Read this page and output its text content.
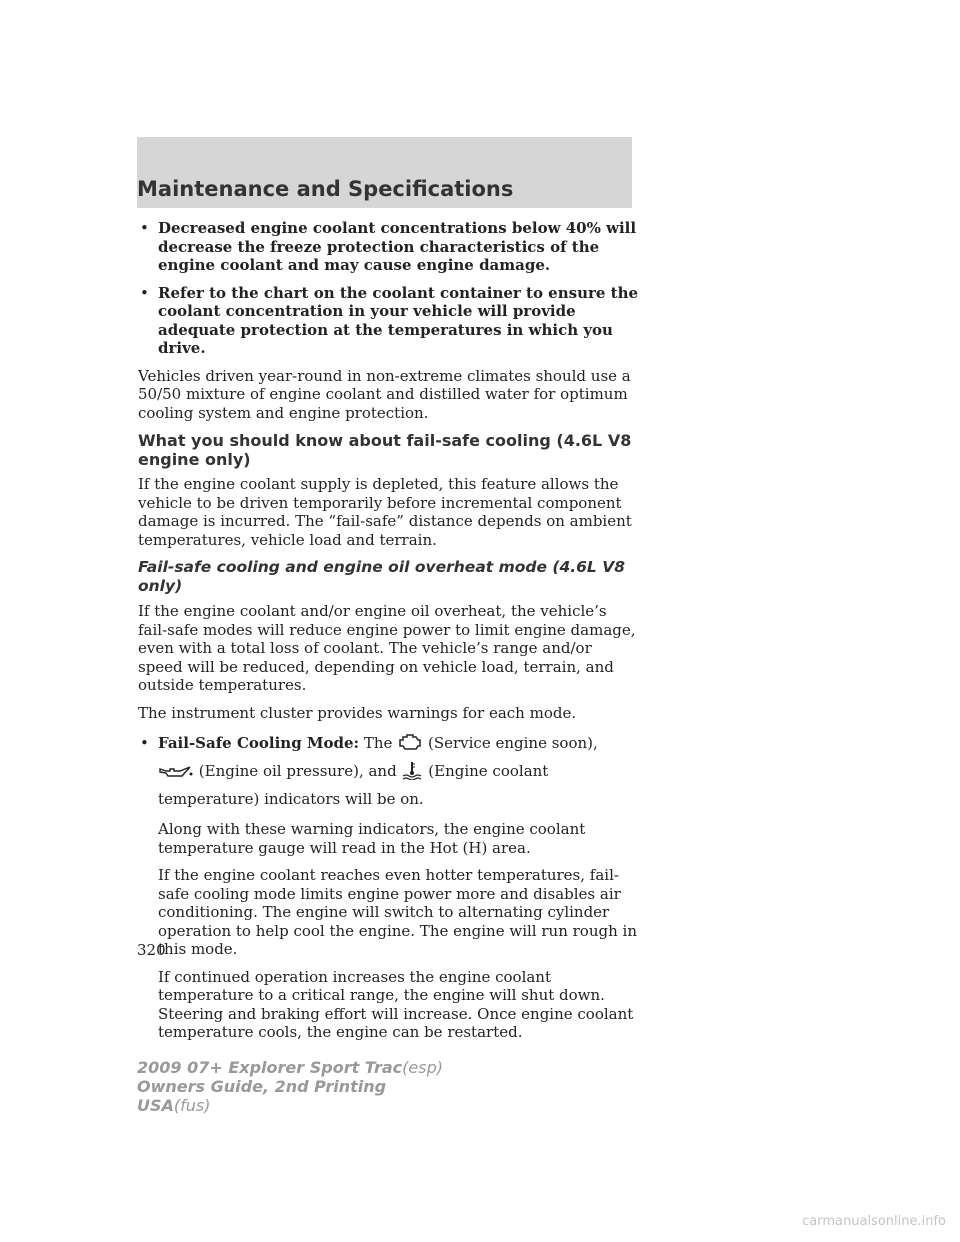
Maintenance and Specifications
• Decreased engine coolant concentrations below 40% will decrease the freeze protection characteristics of the engine coolant and may cause engine damage.
• Refer to the chart on the coolant container to ensure the coolant concentration in your vehicle will provide adequate protection at the temperatures in which you drive.

Vehicles driven year-round in non-extreme climates should use a 50/50 mixture of engine coolant and distilled water for optimum cooling system and engine protection.

What you should know about fail-safe cooling (4.6L V8 engine only)

If the engine coolant supply is depleted, this feature allows the vehicle to be driven temporarily before incremental component damage is incurred. The “fail-safe” distance depends on ambient temperatures, vehicle load and terrain.

Fail-safe cooling and engine oil overheat mode (4.6L V8 only)

If the engine coolant and/or engine oil overheat, the vehicle’s fail-safe modes will reduce engine power to limit engine damage, even with a total loss of coolant. The vehicle’s range and/or speed will be reduced, depending on vehicle load, terrain, and outside temperatures.

The instrument cluster provides warnings for each mode.

• Fail-Safe Cooling Mode: The (Service engine soon),  (Engine oil pressure), and (Engine coolant temperature) indicators will be on.

Along with these warning indicators, the engine coolant temperature gauge will read in the Hot (H) area.

If the engine coolant reaches even hotter temperatures, fail-safe cooling mode limits engine power more and disables air conditioning. The engine will switch to alternating cylinder operation to help cool the engine. The engine will run rough in this mode.

If continued operation increases the engine coolant temperature to a critical range, the engine will shut down. Steering and braking effort will increase. Once engine coolant temperature cools, the engine can be restarted.

320
2009 07+ Explorer Sport Trac(esp)
Owners Guide, 2nd Printing
USA(fus)
carmanualsonline.info
